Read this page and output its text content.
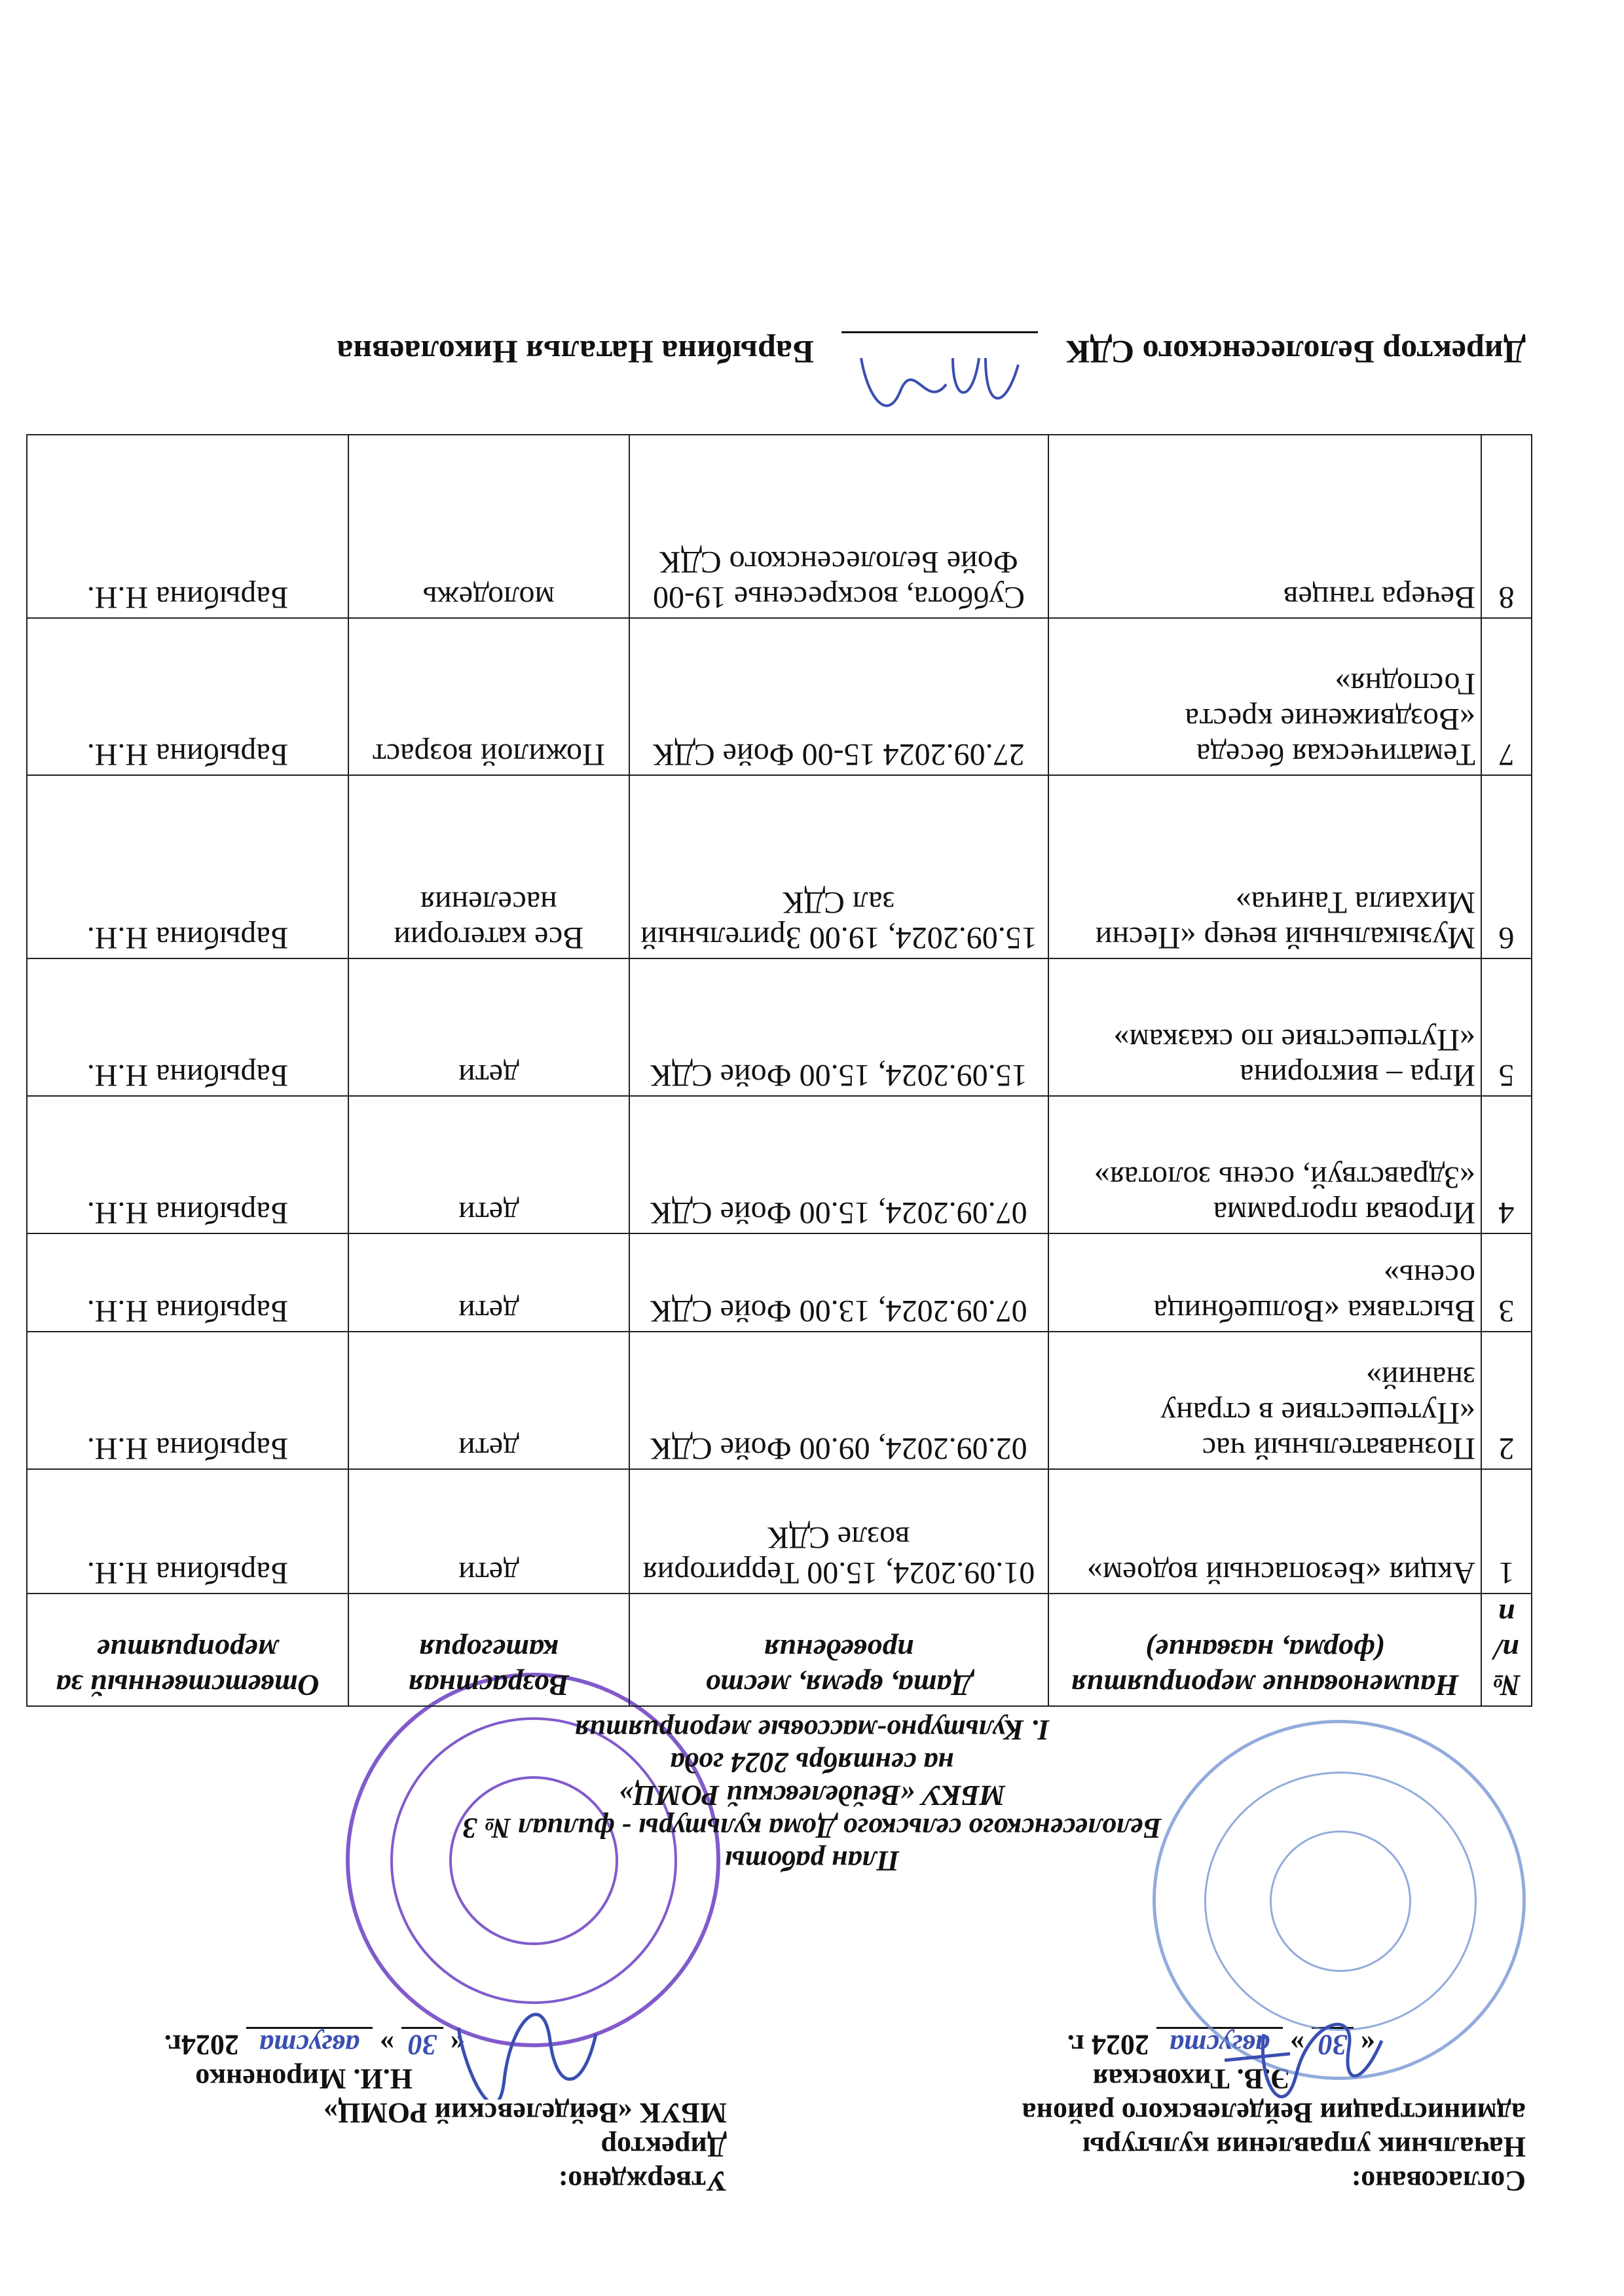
Согласовано:
Начальник управления культуры
администрации Вейделевского района
Э.В. Тиховская
« 30 » августа 2024 г.
Утверждено:
Директор
МБУК «Вейделевский РОМЦ»
Н.И. Мироненко
« 30 » августа 2024г.
План работы
Белолесенского сельского Дома культуры - филиал № 3
МБКУ «Вейделевский РОМЦ»
на сентябрь 2024 года
I. Культурно-массовые мероприятия
№ п/п	Наименование мероприятия (форма, название)	Дата, время, место проведения	Возрастная категория	Ответственный за мероприятие
1	Акция «Безопасный водоем»	01.09.2024, 15.00 Территория возле СДК	дети	Барыбина Н.Н.
2	Познавательный час «Путешествие в страну знаний»	02.09.2024, 09.00 Фойе СДК	дети	Барыбина Н.Н.
3	Выставка «Волшебница осень»	07.09.2024, 13.00 Фойе СДК	дети	Барыбина Н.Н.
4	Игровая программа «Здравствуй, осень золотая»	07.09.2024, 15.00 Фойе СДК	дети	Барыбина Н.Н.
5	Игра – викторина «Путешествие по сказкам»	15.09.2024, 15.00 Фойе СДК	дети	Барыбина Н.Н.
6	Музыкальный вечер «Песни Михаила Танича»	15.09.2024, 19.00 Зрительный зал СДК	Все категории населения	Барыбина Н.Н.
7	Тематическая беседа «Воздвижение креста Господня»	27.09.2024 15-00 Фойе СДК	Пожилой возраст	Барыбина Н.Н.
8	Вечера танцев	Суббота, воскресенье 19-00 Фойе Белолесенского СДК	молодежь	Барыбина Н.Н.
Директор Белолесенского СДК
Барыбина Наталья Николаевна
